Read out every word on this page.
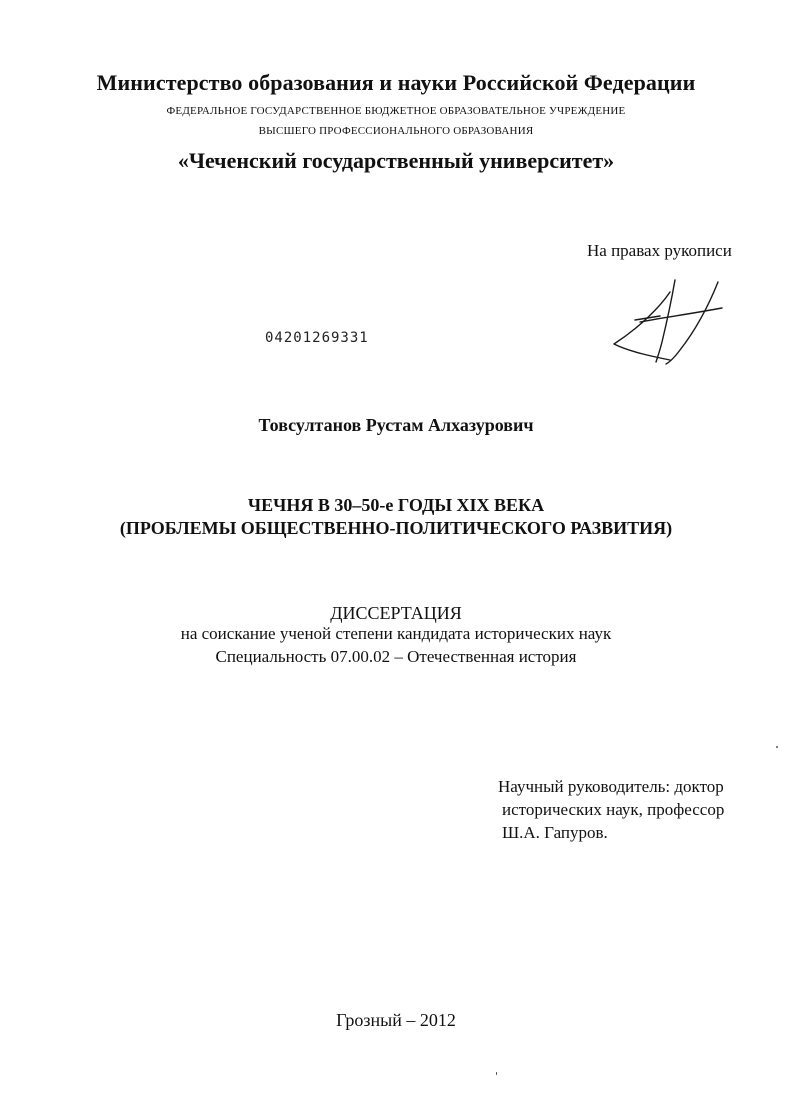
Министерство образования и науки Российской Федерации
ФЕДЕРАЛЬНОЕ ГОСУДАРСТВЕННОЕ БЮДЖЕТНОЕ ОБРАЗОВАТЕЛЬНОЕ УЧРЕЖДЕНИЕ
ВЫСШЕГО ПРОФЕССИОНАЛЬНОГО ОБРАЗОВАНИЯ
«Чеченский государственный университет»
На правах рукописи
04201269331
Товсултанов Рустам Алхазурович
ЧЕЧНЯ В 30–50-е ГОДЫ XIX ВЕКА
(ПРОБЛЕМЫ ОБЩЕСТВЕННО-ПОЛИТИЧЕСКОГО РАЗВИТИЯ)
ДИССЕРТАЦИЯ
на соискание ученой степени кандидата исторических наук
Специальность 07.00.02 – Отечественная история
Научный руководитель: доктор
исторических наук, профессор
Ш.А. Гапуров.
Грозный – 2012
